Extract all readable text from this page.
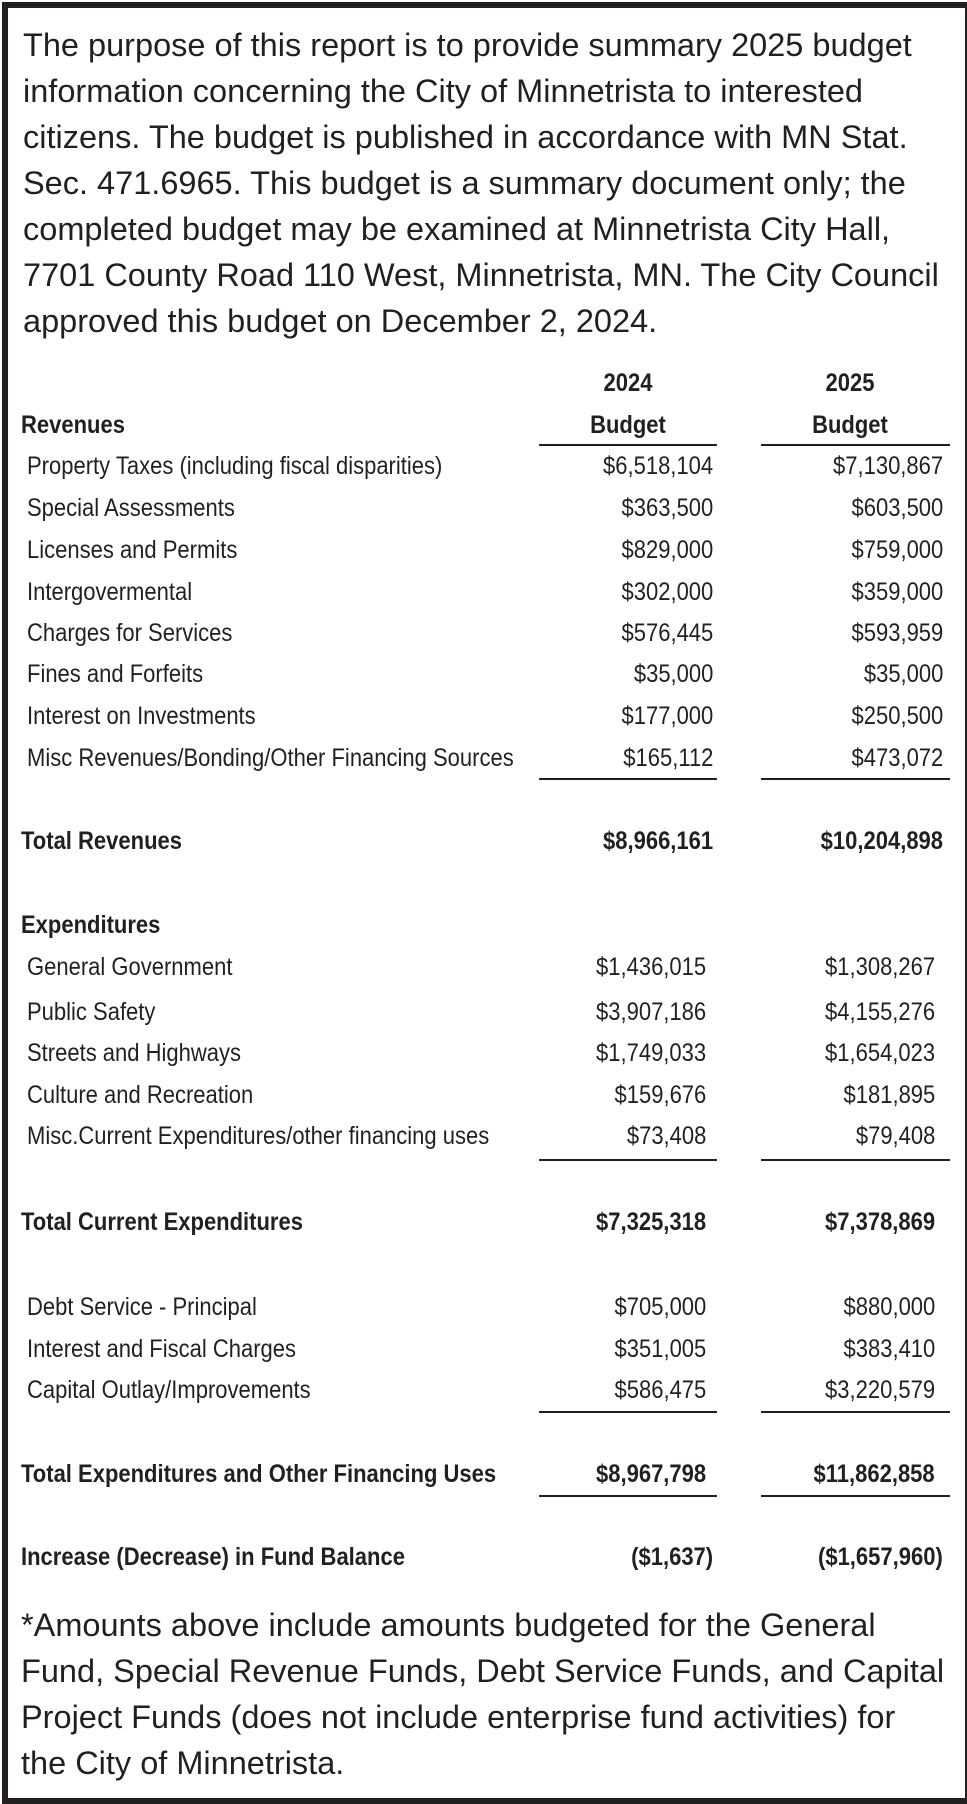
The purpose of this report is to provide summary 2025 budget information concerning the City of Minnetrista to interested citizens. The budget is published in accordance with MN Stat. Sec. 471.6965. This budget is a summary document only; the completed budget may be examined at Minnetrista City Hall, 7701 County Road 110 West, Minnetrista, MN. The City Council approved this budget on December 2, 2024.
2024	2025
Budget	Budget
Revenues
Property Taxes (including fiscal disparities)	$6,518,104	$7,130,867
Special Assessments	$363,500	$603,500
Licenses and Permits	$829,000	$759,000
Intergovermental	$302,000	$359,000
Charges for Services	$576,445	$593,959
Fines and Forfeits	$35,000	$35,000
Interest on Investments	$177,000	$250,500
Misc Revenues/Bonding/Other Financing Sources	$165,112	$473,072
Total Revenues	$8,966,161	$10,204,898
Expenditures
General Government	$1,436,015	$1,308,267
Public Safety	$3,907,186	$4,155,276
Streets and Highways	$1,749,033	$1,654,023
Culture and Recreation	$159,676	$181,895
Misc.Current Expenditures/other financing uses	$73,408	$79,408
Total Current Expenditures	$7,325,318	$7,378,869
Debt Service - Principal	$705,000	$880,000
Interest and Fiscal Charges	$351,005	$383,410
Capital Outlay/Improvements	$586,475	$3,220,579
Total Expenditures and Other Financing Uses	$8,967,798	$11,862,858
Increase (Decrease) in Fund Balance	($1,637)	($1,657,960)
*Amounts above include amounts budgeted for the General Fund, Special Revenue Funds, Debt Service Funds, and Capital Project Funds (does not include enterprise fund activities) for the City of Minnetrista.
